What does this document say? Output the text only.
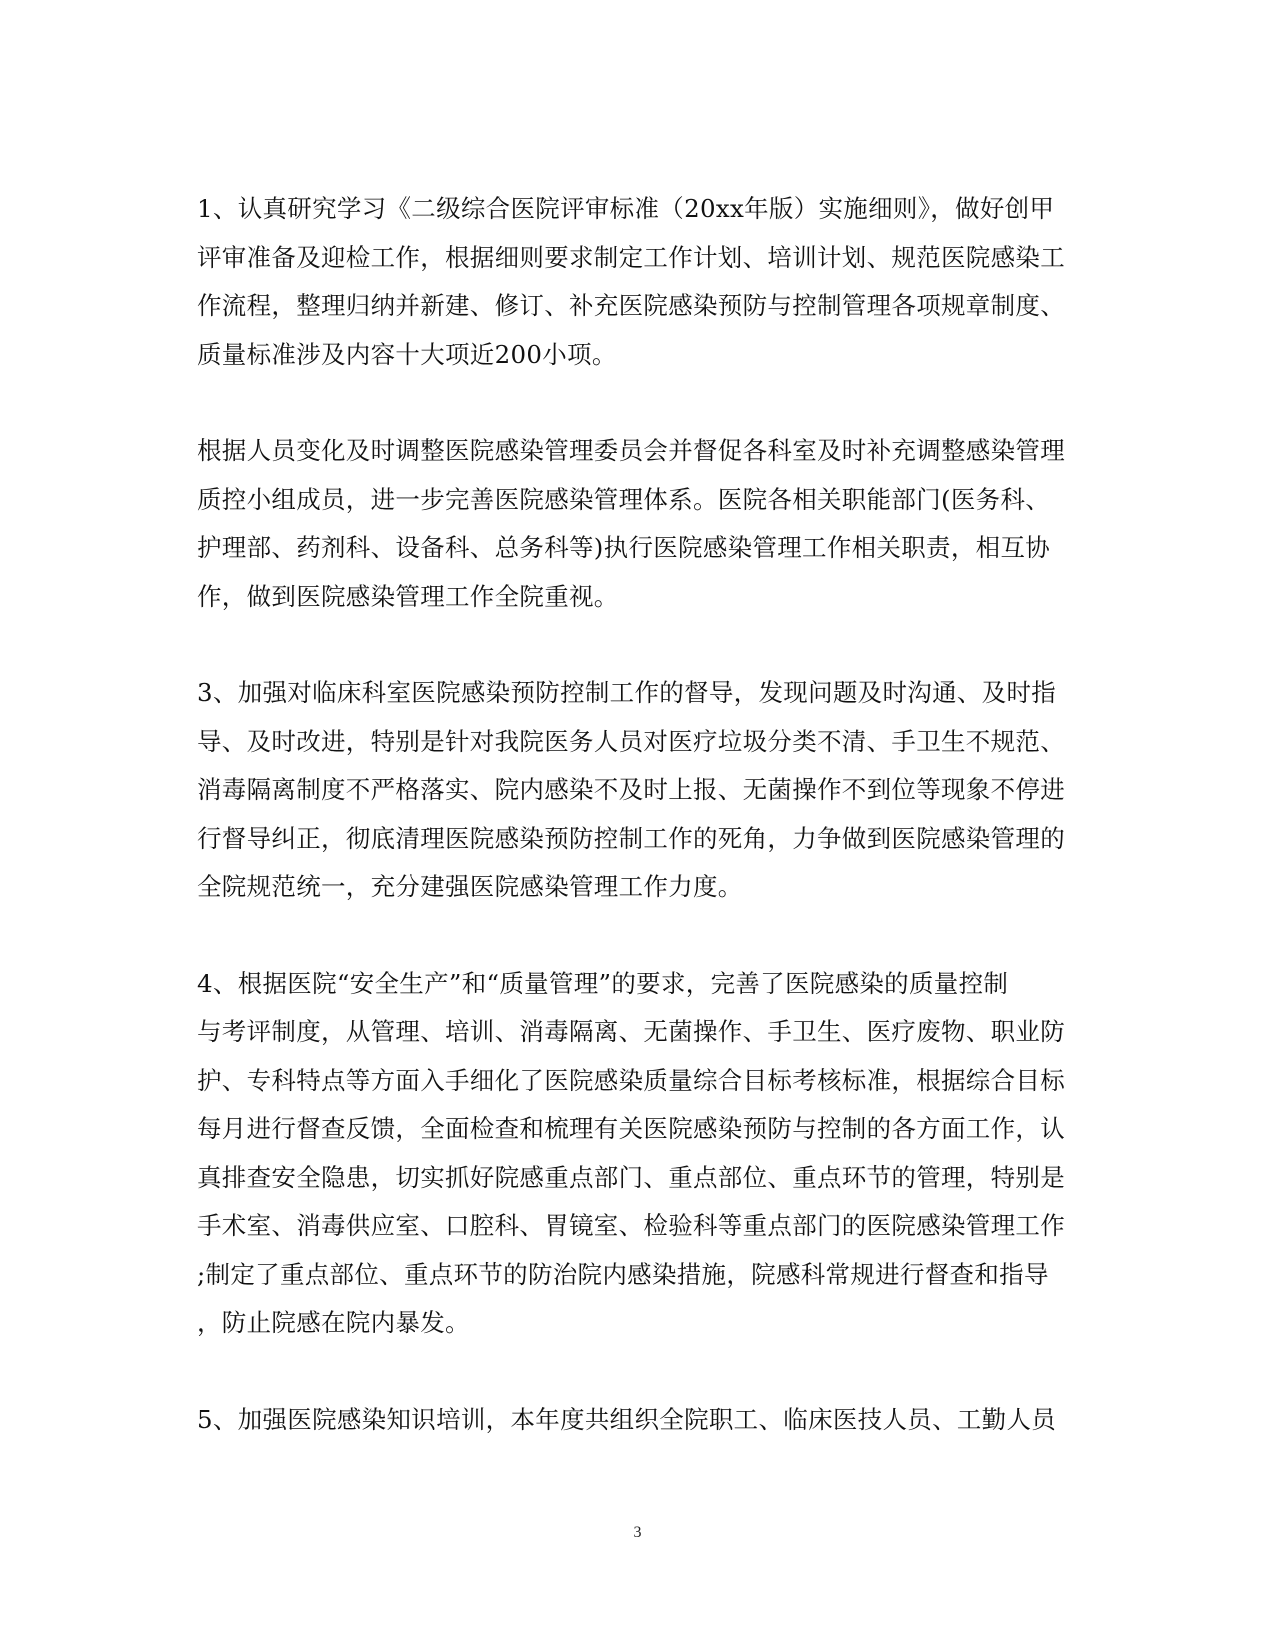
1、认真研究学习《二级综合医院评审标准（20xx年版）实施细则》，做好创甲
评审准备及迎检工作，根据细则要求制定工作计划、培训计划、规范医院感染工
作流程，整理归纳并新建、修订、补充医院感染预防与控制管理各项规章制度、
质量标准涉及内容十大项近200小项。

根据人员变化及时调整医院感染管理委员会并督促各科室及时补充调整感染管理
质控小组成员，进一步完善医院感染管理体系。医院各相关职能部门(医务科、
护理部、药剂科、设备科、总务科等)执行医院感染管理工作相关职责，相互协
作，做到医院感染管理工作全院重视。

3、加强对临床科室医院感染预防控制工作的督导，发现问题及时沟通、及时指
导、及时改进，特别是针对我院医务人员对医疗垃圾分类不清、手卫生不规范、
消毒隔离制度不严格落实、院内感染不及时上报、无菌操作不到位等现象不停进
行督导纠正，彻底清理医院感染预防控制工作的死角，力争做到医院感染管理的
全院规范统一，充分建强医院感染管理工作力度。

4、根据医院“安全生产”和“质量管理”的要求，完善了医院感染的质量控制
与考评制度，从管理、培训、消毒隔离、无菌操作、手卫生、医疗废物、职业防
护、专科特点等方面入手细化了医院感染质量综合目标考核标准，根据综合目标
每月进行督查反馈，全面检查和梳理有关医院感染预防与控制的各方面工作，认
真排查安全隐患，切实抓好院感重点部门、重点部位、重点环节的管理，特别是
手术室、消毒供应室、口腔科、胃镜室、检验科等重点部门的医院感染管理工作
;制定了重点部位、重点环节的防治院内感染措施，院感科常规进行督查和指导
，防止院感在院内暴发。

5、加强医院感染知识培训，本年度共组织全院职工、临床医技人员、工勤人员

3
